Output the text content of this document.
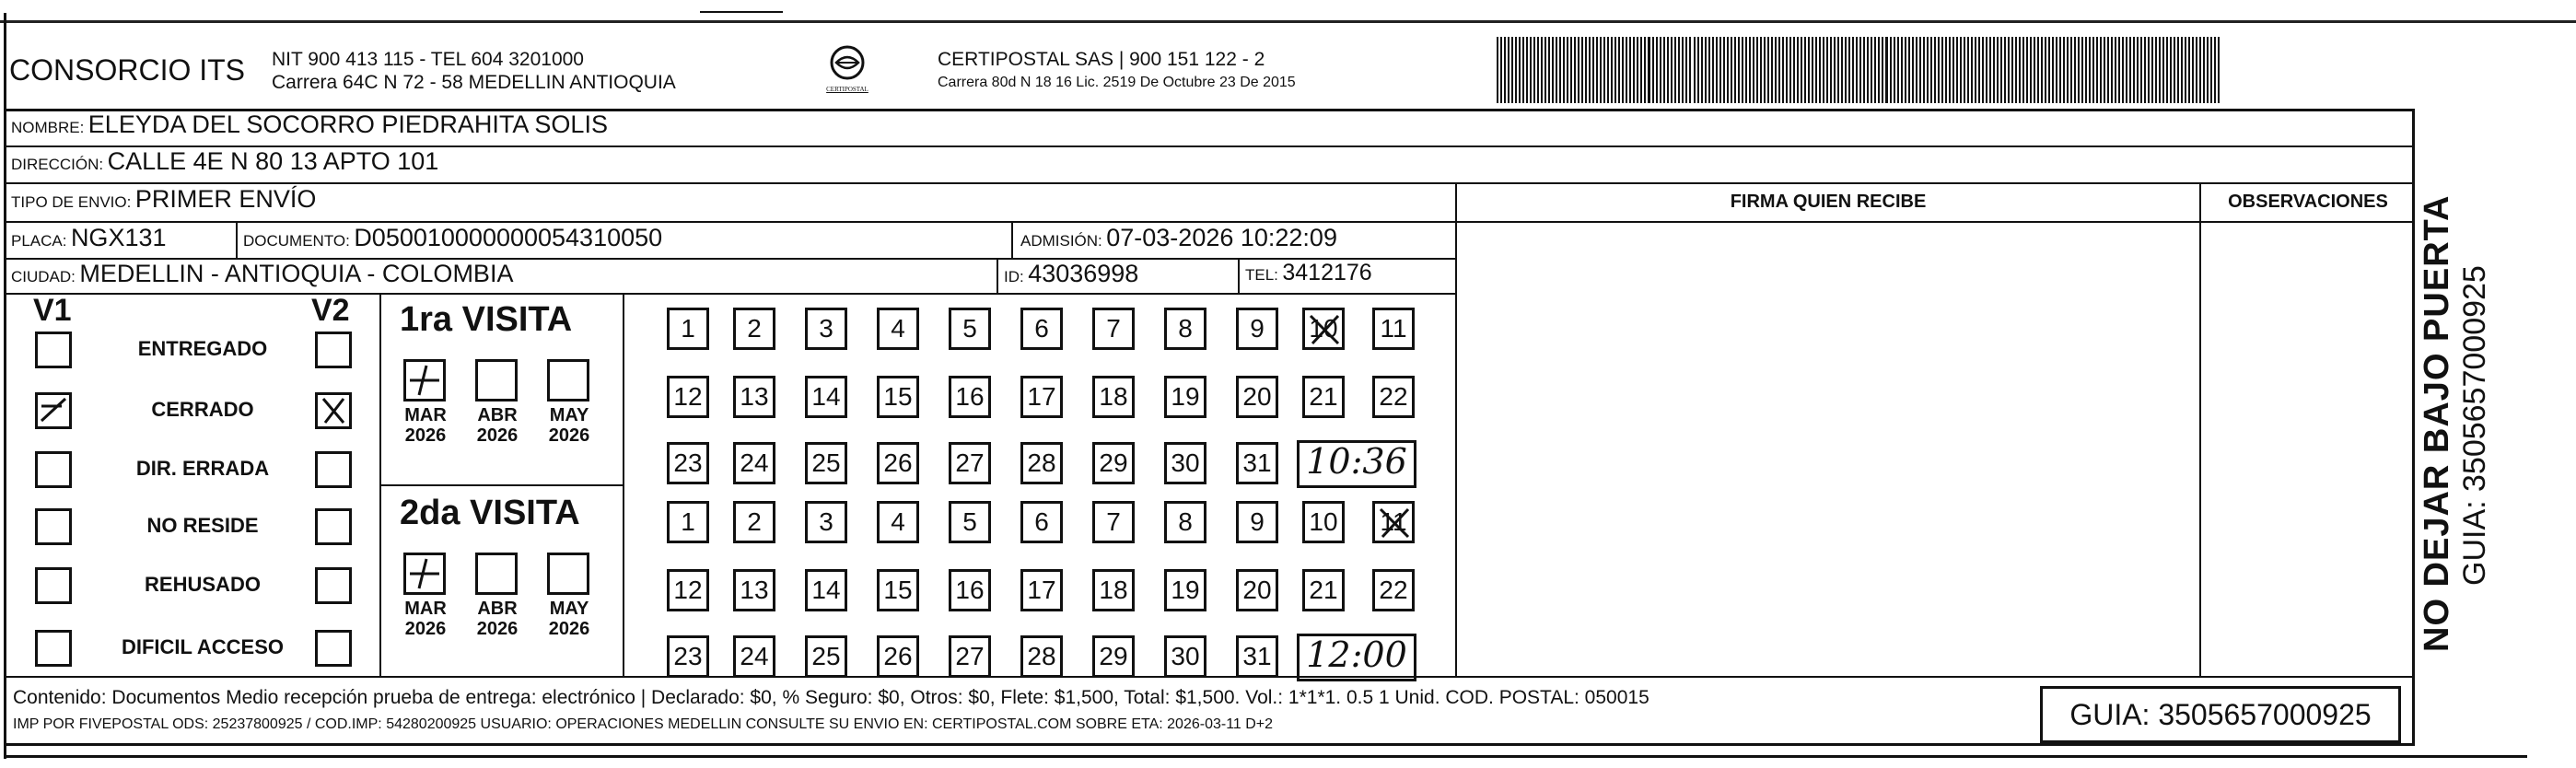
CONSORCIO ITS NIT 900 413 115 - TEL 604 3201000
Carrera 64C N 72 - 58 MEDELLIN ANTIOQUIA	CERTIPOSTAL
CERTIPOSTAL SAS | 900 151 122 - 2
Carrera 80d N 18 16 Lic. 2519 De Octubre 23 De 2015
NOMBRE: ELEYDA DEL SOCORRO PIEDRAHITA SOLIS
DIRECCIÓN: CALLE 4E N 80 13 APTO 101
TIPO DE ENVIO: PRIMER ENVÍO
PLACA: NGX131	DOCUMENTO: D050010000000054310050	ADMISIÓN: 07-03-2026 10:22:09
CIUDAD: MEDELLIN - ANTIOQUIA - COLOMBIA	ID: 43036998	TEL: 3412176
FIRMA QUIEN RECIBE	OBSERVACIONES
V1	V2
ENTREGADO
CERRADO
DIR. ERRADA
NO RESIDE
REHUSADO
DIFICIL ACCESO
1ra VISITA
2da VISITA
1	2	3	4	5	6	7	8	9	10	11
12 13 14 15 16 17 18 19 20 21 22
23 24 25 26 27 28 29 30 31 10:36
MAR
2026
ABR
2026
MAY
2026
1	2	3	4	5	6	7	8	9	10	11
12 13 14 15 16 17 18 19 20 21 22
23 24 25 26 27 28 29 30 31 12:00
MAR
2026
ABR
2026
MAY
2026
Contenido: Documentos Medio recepción prueba de entrega: electrónico | Declarado: $0, % Seguro: $0, Otros: $0, Flete: $1,500, Total: $1,500. Vol.: 1*1*1. 0.5 1 Unid. COD. POSTAL: 050015
IMP POR FIVEPOSTAL ODS: 25237800925 / COD.IMP: 54280200925 USUARIO: OPERACIONES MEDELLIN CONSULTE SU ENVIO EN: CERTIPOSTAL.COM SOBRE ETA: 2026-03-11 D+2	GUIA: 3505657000925
NO DEJAR BAJO PUERTA GUIA: 3505657000925
